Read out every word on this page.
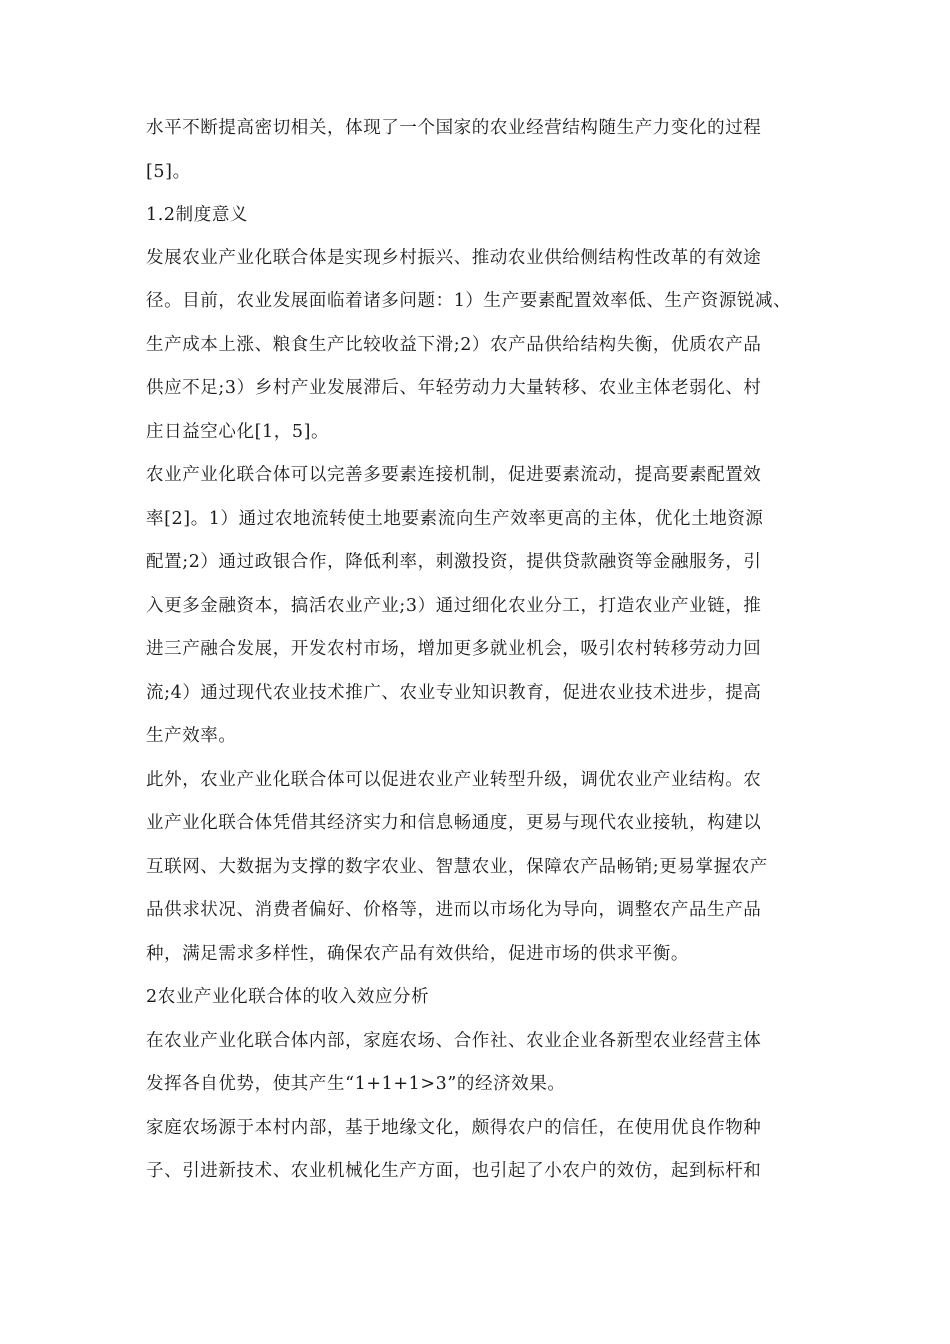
水平不断提高密切相关，体现了一个国家的农业经营结构随生产力变化的过程
[5]。
1.2制度意义
发展农业产业化联合体是实现乡村振兴、推动农业供给侧结构性改革的有效途
径。目前，农业发展面临着诸多问题：1）生产要素配置效率低、生产资源锐减、
生产成本上涨、粮食生产比较收益下滑;2）农产品供给结构失衡，优质农产品
供应不足;3）乡村产业发展滞后、年轻劳动力大量转移、农业主体老弱化、村
庄日益空心化[1，5]。
农业产业化联合体可以完善多要素连接机制，促进要素流动，提高要素配置效
率[2]。1）通过农地流转使土地要素流向生产效率更高的主体，优化土地资源
配置;2）通过政银合作，降低利率，刺激投资，提供贷款融资等金融服务，引
入更多金融资本，搞活农业产业;3）通过细化农业分工，打造农业产业链，推
进三产融合发展，开发农村市场，增加更多就业机会，吸引农村转移劳动力回
流;4）通过现代农业技术推广、农业专业知识教育，促进农业技术进步，提高
生产效率。
此外，农业产业化联合体可以促进农业产业转型升级，调优农业产业结构。农
业产业化联合体凭借其经济实力和信息畅通度，更易与现代农业接轨，构建以
互联网、大数据为支撑的数字农业、智慧农业，保障农产品畅销;更易掌握农产
品供求状况、消费者偏好、价格等，进而以市场化为导向，调整农产品生产品
种，满足需求多样性，确保农产品有效供给，促进市场的供求平衡。
2农业产业化联合体的收入效应分析
在农业产业化联合体内部，家庭农场、合作社、农业企业各新型农业经营主体
发挥各自优势，使其产生“1+1+1>3”的经济效果。
家庭农场源于本村内部，基于地缘文化，颇得农户的信任，在使用优良作物种
子、引进新技术、农业机械化生产方面，也引起了小农户的效仿，起到标杆和
